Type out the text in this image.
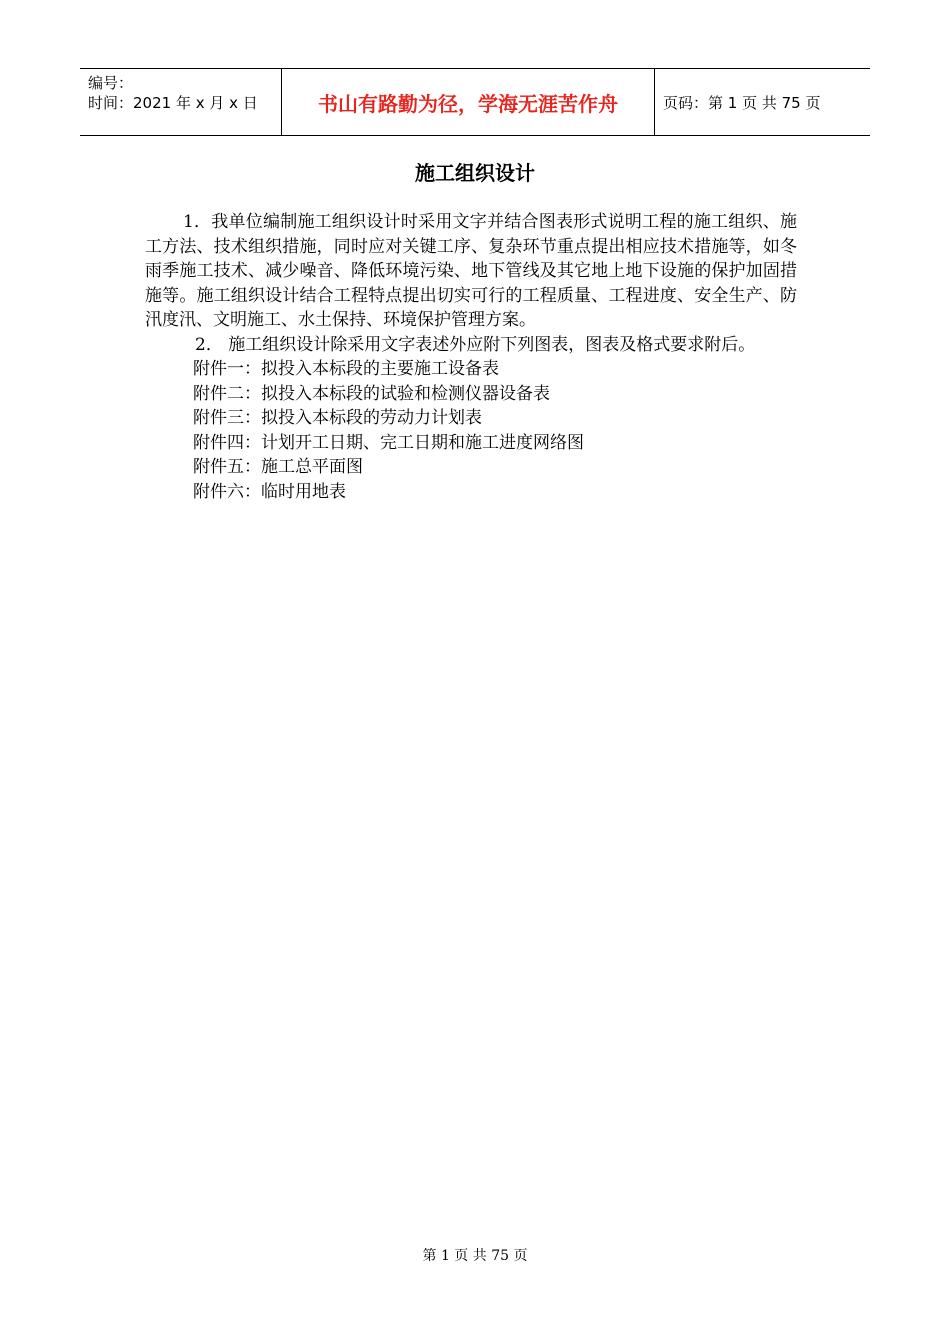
编号：
时间：2021 年 x 月 x 日	书山有路勤为径，学海无涯苦作舟	页码：第 1 页 共 75 页
施工组织设计

1．我单位编制施工组织设计时采用文字并结合图表形式说明工程的施工组织、施工方法、技术组织措施，同时应对关键工序、复杂环节重点提出相应技术措施等，如冬雨季施工技术、减少噪音、降低环境污染、地下管线及其它地上地下设施的保护加固措施等。施工组织设计结合工程特点提出切实可行的工程质量、工程进度、安全生产、防汛度汛、文明施工、水土保持、环境保护管理方案。

2． 施工组织设计除采用文字表述外应附下列图表，图表及格式要求附后。

附件一：拟投入本标段的主要施工设备表

附件二：拟投入本标段的试验和检测仪器设备表

附件三：拟投入本标段的劳动力计划表

附件四：计划开工日期、完工日期和施工进度网络图

附件五：施工总平面图

附件六：临时用地表

第 1 页 共 75 页
